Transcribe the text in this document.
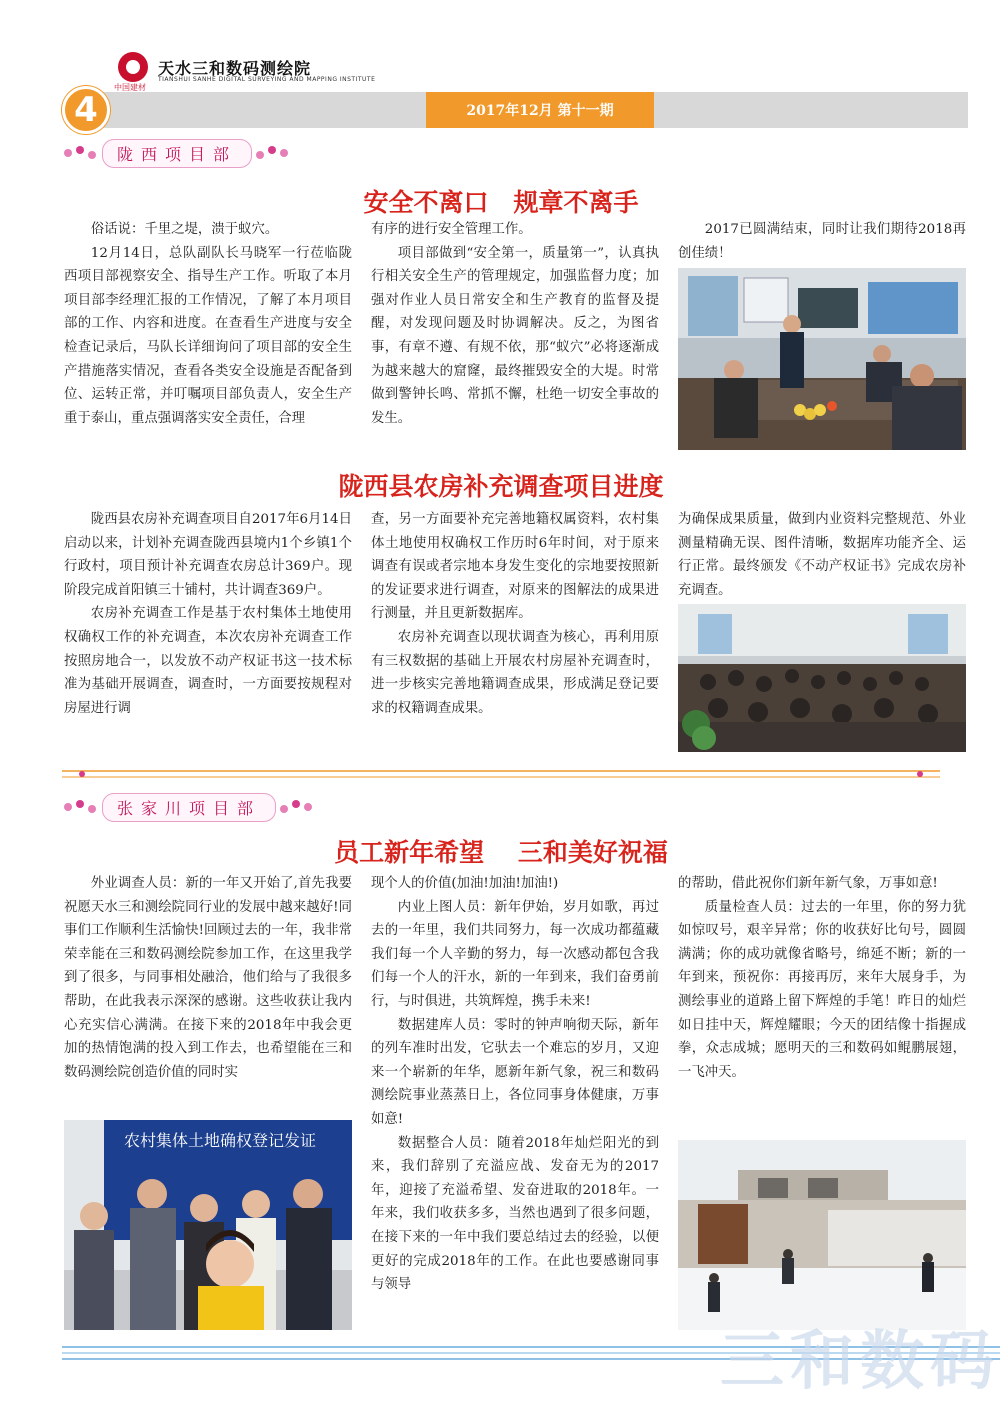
中国建材
天水三和数码测绘院
TIANSHUI SANHE DIGITAL SURVEYING AND MAPPING INSTITUTE
2017年12月 第十一期
4
陇西项目部
安全不离口　规章不离手

俗话说：千里之堤，溃于蚁穴。

12月14日，总队副队长马晓军一行莅临陇西项目部视察安全、指导生产工作。听取了本月项目部李经理汇报的工作情况，了解了本月项目部的工作、内容和进度。在查看生产进度与安全检查记录后，马队长详细询问了项目部的安全生产措施落实情况，查看各类安全设施是否配备到位、运转正常，并叮嘱项目部负责人，安全生产重于泰山，重点强调落实安全责任，合理

有序的进行安全管理工作。

项目部做到“安全第一，质量第一”，认真执行相关安全生产的管理规定，加强监督力度；加强对作业人员日常安全和生产教育的监督及提醒，对发现问题及时协调解决。反之，为图省事，有章不遵、有规不依，那“蚁穴”必将逐渐成为越来越大的窟窿，最终摧毁安全的大堤。时常做到警钟长鸣、常抓不懈，杜绝一切安全事故的发生。

2017已圆满结束，同时让我们期待2018再创佳绩！

陇西县农房补充调查项目进度

陇西县农房补充调查项目自2017年6月14日启动以来，计划补充调查陇西县境内1个乡镇1个行政村，项目预计补充调查农房总计369户。现阶段完成首阳镇三十铺村，共计调查369户。

农房补充调查工作是基于农村集体土地使用权确权工作的补充调查，本次农房补充调查工作按照房地合一，以发放不动产权证书这一技术标准为基础开展调查，调查时，一方面要按规程对房屋进行调

查，另一方面要补充完善地籍权属资料，农村集体土地使用权确权工作历时6年时间，对于原来调查有误或者宗地本身发生变化的宗地要按照新的发证要求进行调查，对原来的图解法的成果进行测量，并且更新数据库。

农房补充调查以现状调查为核心，再利用原有三权数据的基础上开展农村房屋补充调查时，进一步核实完善地籍调查成果，形成满足登记要求的权籍调查成果。

为确保成果质量，做到内业资料完整规范、外业测量精确无误、图件清晰，数据库功能齐全、运行正常。最终颁发《不动产权证书》完成农房补充调查。

张家川项目部
员工新年希望　 三和美好祝福

外业调查人员：新的一年又开始了,首先我要祝愿天水三和测绘院同行业的发展中越来越好!同事们工作顺利生活愉快!回顾过去的一年，我非常荣幸能在三和数码测绘院参加工作，在这里我学到了很多，与同事相处融洽，他们给与了我很多帮助，在此我表示深深的感谢。这些收获让我内心充实信心满满。在接下来的2018年中我会更加的热情饱满的投入到工作去，也希望能在三和数码测绘院创造价值的同时实

现个人的价值(加油!加油!加油!)

内业上图人员：新年伊始，岁月如歌，再过去的一年里，我们共同努力，每一次成功都蕴藏我们每一个人辛勤的努力，每一次感动都包含我们每一个人的汗水，新的一年到来，我们奋勇前行，与时俱进，共筑辉煌，携手未来!

数据建库人员：零时的钟声响彻天际，新年的列车准时出发，它驮去一个难忘的岁月，又迎来一个崭新的年华，愿新年新气象，祝三和数码测绘院事业蒸蒸日上，各位同事身体健康，万事如意!

数据整合人员：随着2018年灿烂阳光的到来，我们辞别了充溢应战、发奋无为的2017年，迎接了充溢希望、发奋进取的2018年。一年来，我们收获多多，当然也遇到了很多问题，在接下来的一年中我们要总结过去的经验，以便更好的完成2018年的工作。在此也要感谢同事与领导

的帮助，借此祝你们新年新气象，万事如意!

质量检查人员：过去的一年里，你的努力犹如惊叹号，艰辛异常；你的收获好比句号，圆圆满满；你的成功就像省略号，绵延不断；新的一年到来，预祝你：再接再厉，来年大展身手，为测绘事业的道路上留下辉煌的手笔！昨日的灿烂如日挂中天，辉煌耀眼；今天的团结像十指握成拳，众志成城；愿明天的三和数码如鲲鹏展翅，一飞冲天。

农村集体土地确权登记发证
三和数码
